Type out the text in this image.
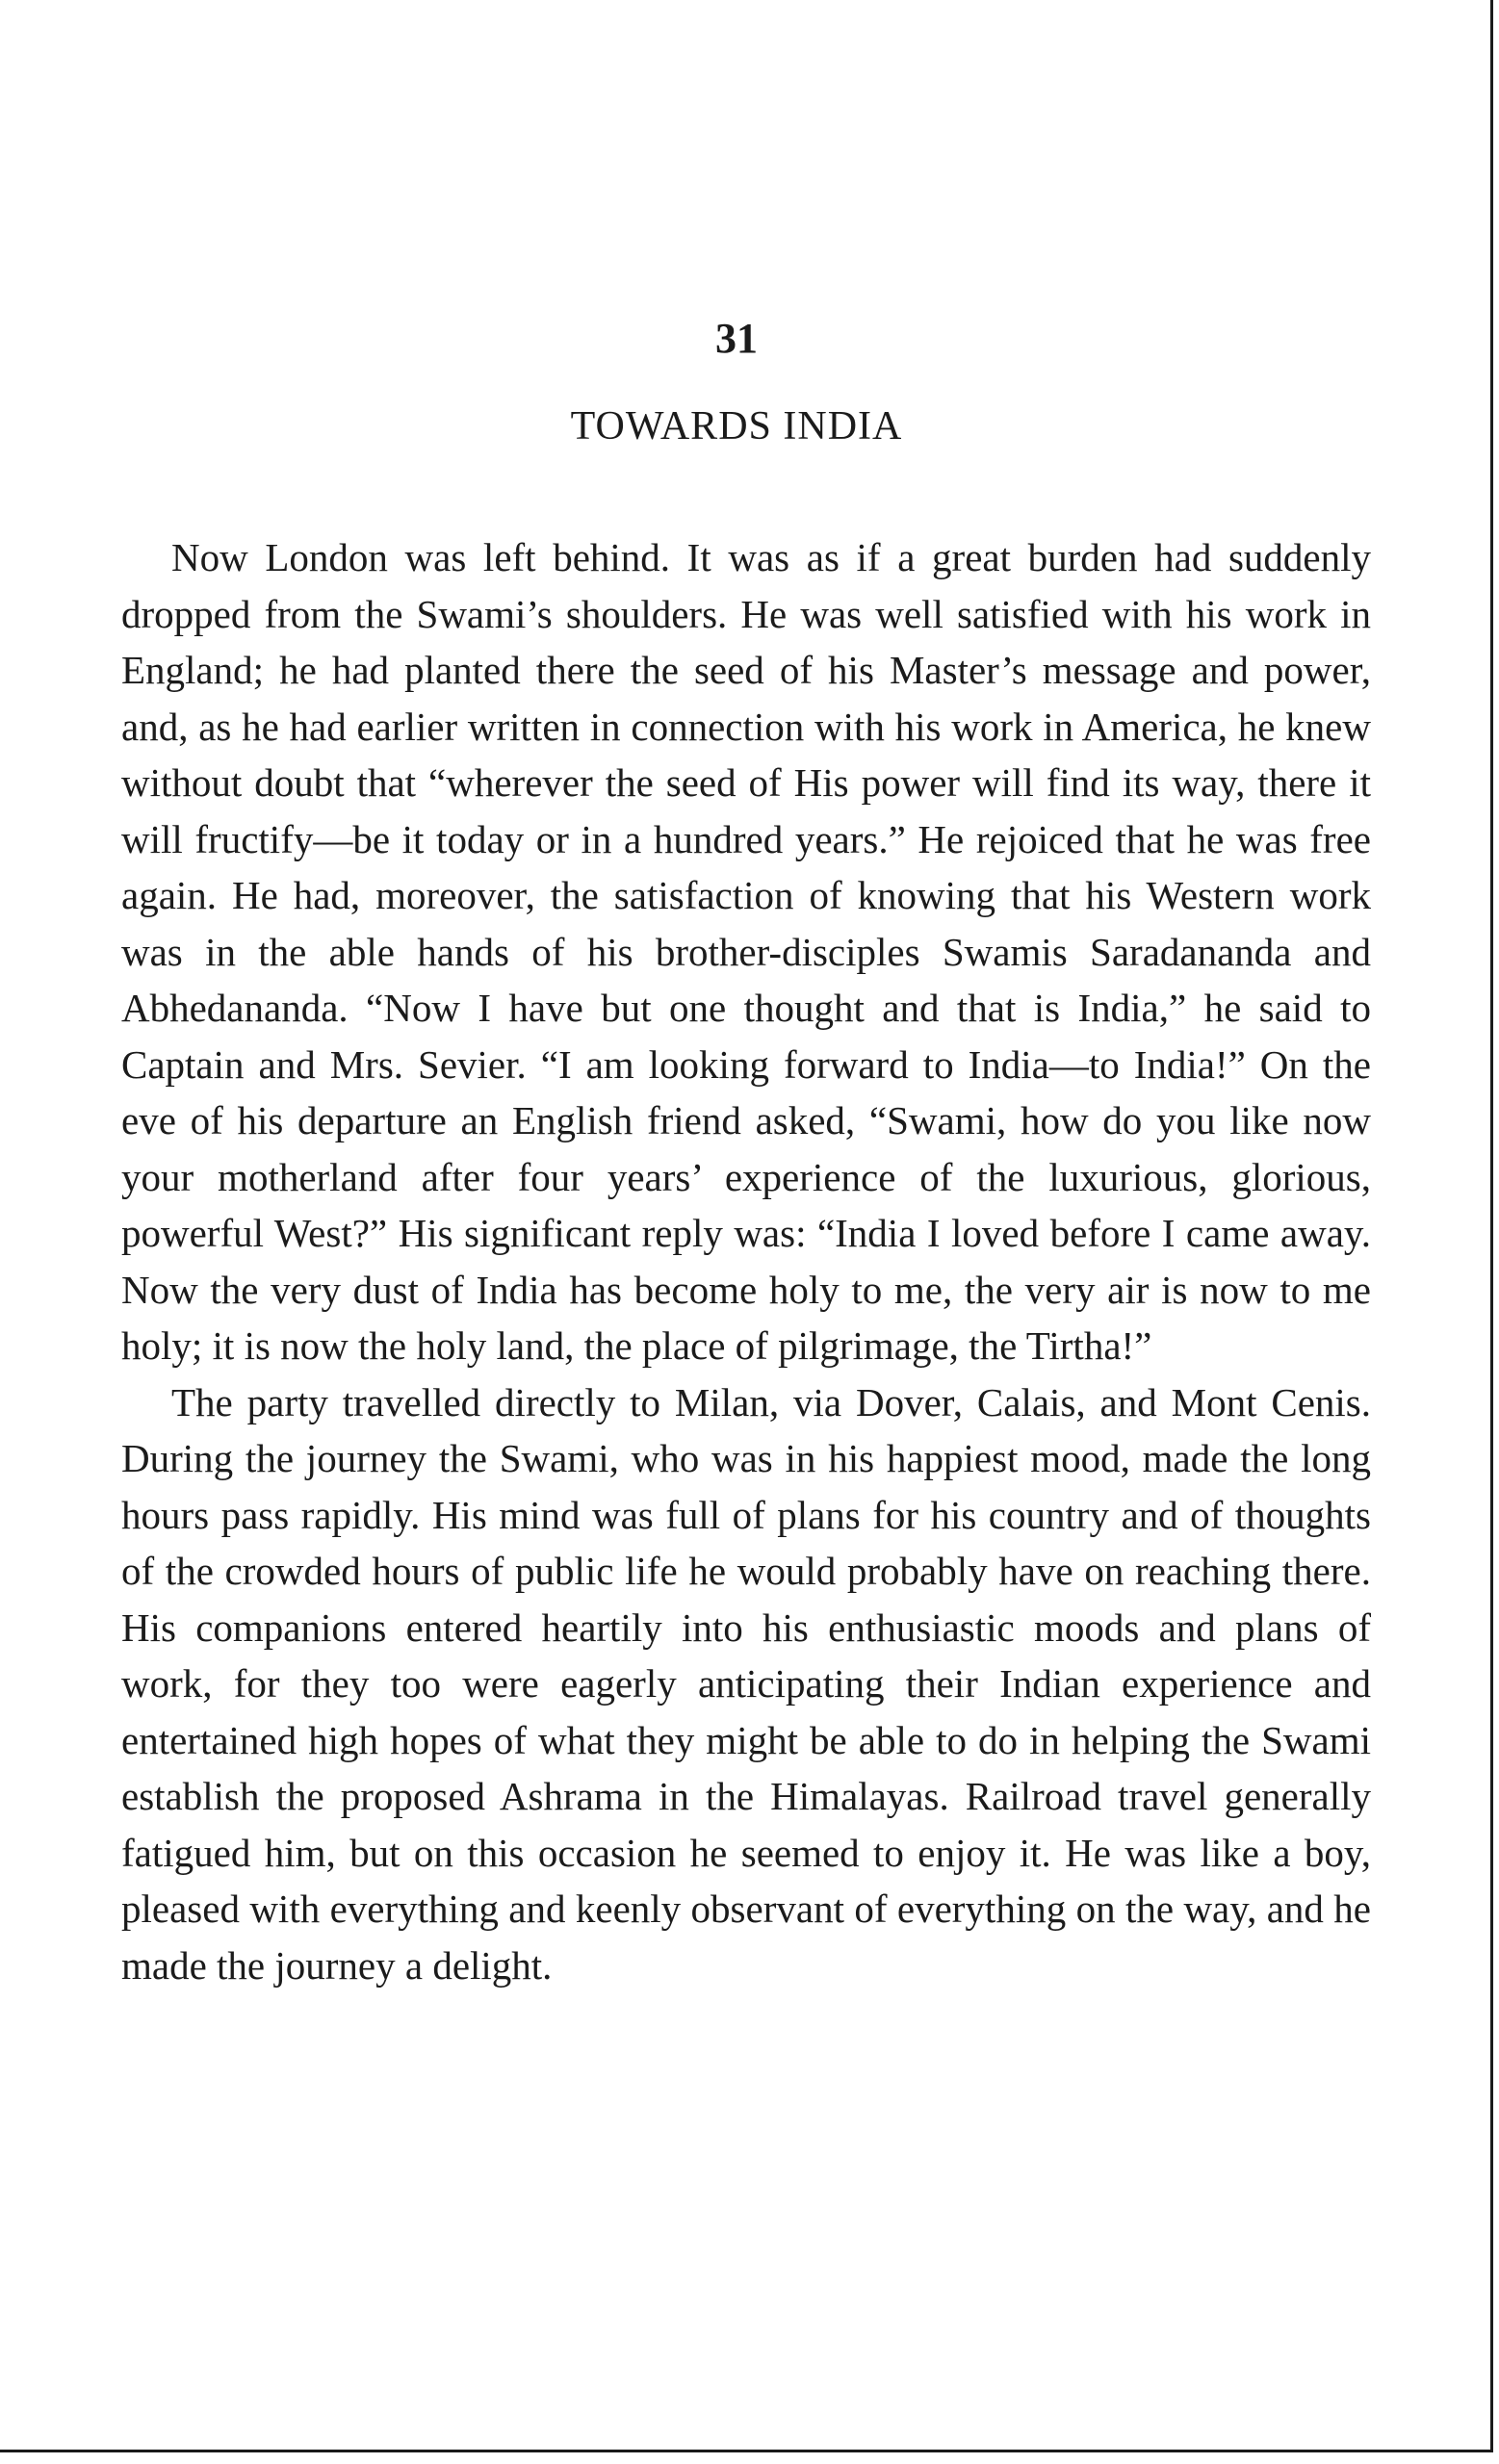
31
TOWARDS INDIA

Now London was left behind. It was as if a great burden had suddenly dropped from the Swami’s shoulders. He was well satisfied with his work in England; he had planted there the seed of his Master’s message and power, and, as he had earlier written in connection with his work in America, he knew without doubt that “wherever the seed of His power will find its way, there it will fructify—be it today or in a hundred years.” He rejoiced that he was free again. He had, moreover, the satisfaction of knowing that his Western work was in the able hands of his brother-disciples Swamis Saradananda and Abhedananda. “Now I have but one thought and that is India,” he said to Captain and Mrs. Sevier. “I am looking forward to India—to India!” On the eve of his departure an English friend asked, “Swami, how do you like now your motherland after four years’ experience of the luxurious, glorious, powerful West?” His significant reply was: “India I loved before I came away. Now the very dust of India has become holy to me, the very air is now to me holy; it is now the holy land, the place of pilgrimage, the Tirtha!”

The party travelled directly to Milan, via Dover, Calais, and Mont Cenis. During the journey the Swami, who was in his happiest mood, made the long hours pass rapidly. His mind was full of plans for his country and of thoughts of the crowded hours of public life he would probably have on reaching there. His companions entered heartily into his enthusiastic moods and plans of work, for they too were eagerly anticipating their Indian experience and entertained high hopes of what they might be able to do in helping the Swami establish the proposed Ashrama in the Himalayas. Railroad travel generally fatigued him, but on this occasion he seemed to enjoy it. He was like a boy, pleased with everything and keenly observant of everything on the way, and he made the journey a delight.
